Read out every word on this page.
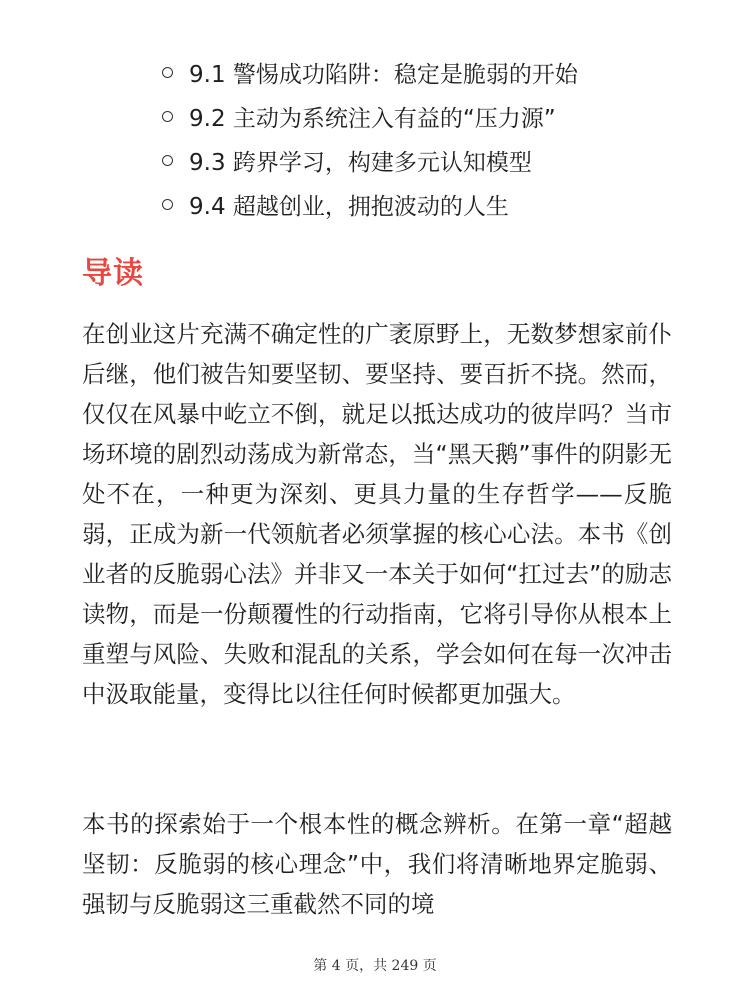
9.1 警惕成功陷阱：稳定是脆弱的开始
9.2 主动为系统注入有益的“压力源”
9.3 跨界学习，构建多元认知模型
9.4 超越创业，拥抱波动的人生
导读

在创业这片充满不确定性的广袤原野上，无数梦想家前仆后继，他们被告知要坚韧、要坚持、要百折不挠。然而，仅仅在风暴中屹立不倒，就足以抵达成功的彼岸吗？当市场环境的剧烈动荡成为新常态，当“黑天鹅”事件的阴影无处不在，一种更为深刻、更具力量的生存哲学——反脆弱，正成为新一代领航者必须掌握的核心心法。本书《创业者的反脆弱心法》并非又一本关于如何“扛过去”的励志读物，而是一份颠覆性的行动指南，它将引导你从根本上重塑与风险、失败和混乱的关系，学会如何在每一次冲击中汲取能量，变得比以往任何时候都更加强大。

本书的探索始于一个根本性的概念辨析。在第一章“超越坚韧：反脆弱的核心理念”中，我们将清晰地界定脆弱、强韧与反脆弱这三重截然不同的境

第 4 页，共 249 页
